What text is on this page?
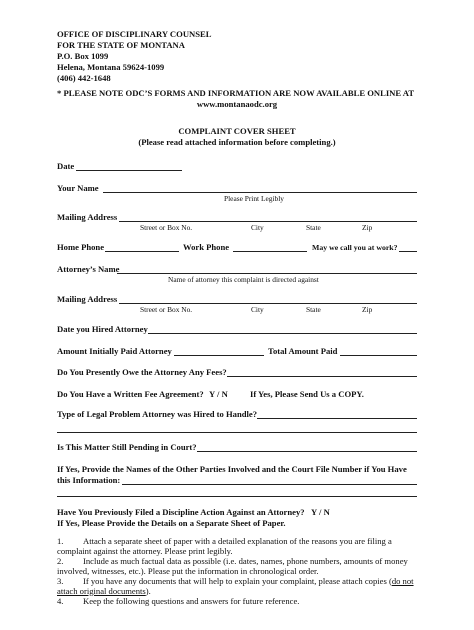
OFFICE OF DISCIPLINARY COUNSEL
FOR THE STATE OF MONTANA
P.O. Box 1099
Helena, Montana 59624-1099
(406) 442-1648
* PLEASE NOTE ODC’S FORMS AND INFORMATION ARE NOW AVAILABLE ONLINE AT
www.montanaodc.org
COMPLAINT COVER SHEET
(Please read attached information before completing.)
Date
Your Name
Please Print Legibly
Mailing Address
Street or Box No.	City	State	Zip
Home Phone	Work Phone	May we call you at work?
Attorney’s Name
Name of attorney this complaint is directed against
Mailing Address
Street or Box No.	City	State	Zip
Date you Hired Attorney
Amount Initially Paid Attorney	Total Amount Paid
Do You Presently Owe the Attorney Any Fees?
Do You Have a Written Fee Agreement? Y / N	If Yes, Please Send Us a COPY.
Type of Legal Problem Attorney was Hired to Handle?
Is This Matter Still Pending in Court?
If Yes, Provide the Names of the Other Parties Involved and the Court File Number if You Have
this Information:
Have You Previously Filed a Discipline Action Against an Attorney? Y / N
If Yes, Please Provide the Details on a Separate Sheet of Paper.
1.	Attach a separate sheet of paper with a detailed explanation of the reasons you are filing a complaint against the attorney. Please print legibly.
2.	Include as much factual data as possible (i.e. dates, names, phone numbers, amounts of money involved, witnesses, etc.). Please put the information in chronological order.
3.	If you have any documents that will help to explain your complaint, please attach copies (do not attach original documents).
4.	Keep the following questions and answers for future reference.
